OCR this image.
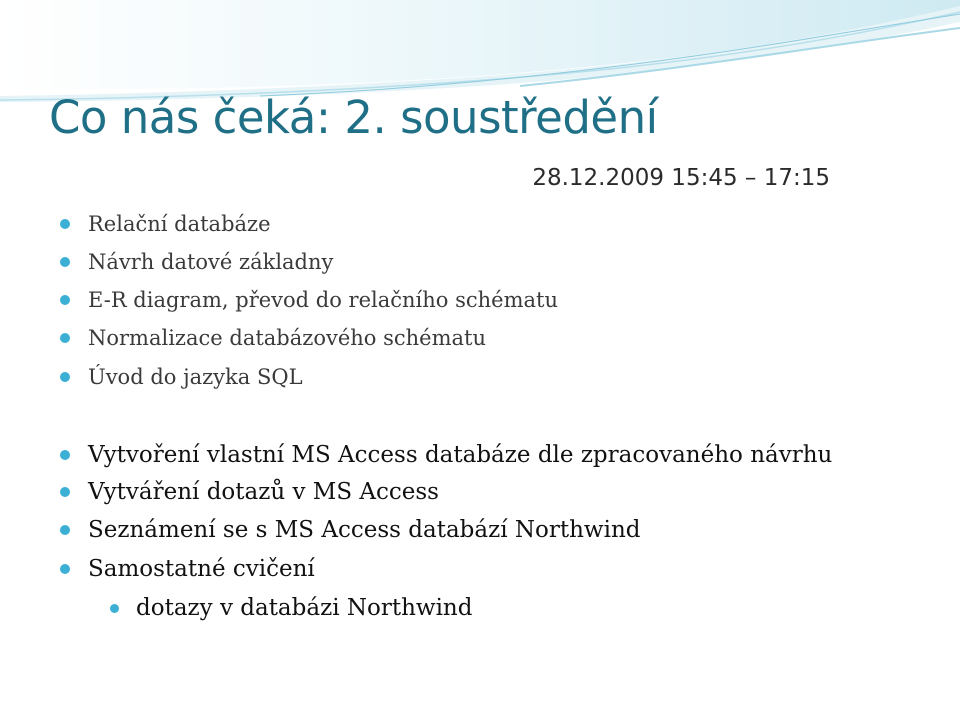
Co nás čeká: 2. soustředění
28.12.2009 15:45 – 17:15
Relační databáze
Návrh datové základny
E-R diagram, převod do relačního schématu
Normalizace databázového schématu
Úvod do jazyka SQL
Vytvoření vlastní MS Access databáze dle zpracovaného návrhu
Vytváření dotazů v MS Access
Seznámení se s MS Access databází Northwind
Samostatné cvičení
dotazy v databázi Northwind
